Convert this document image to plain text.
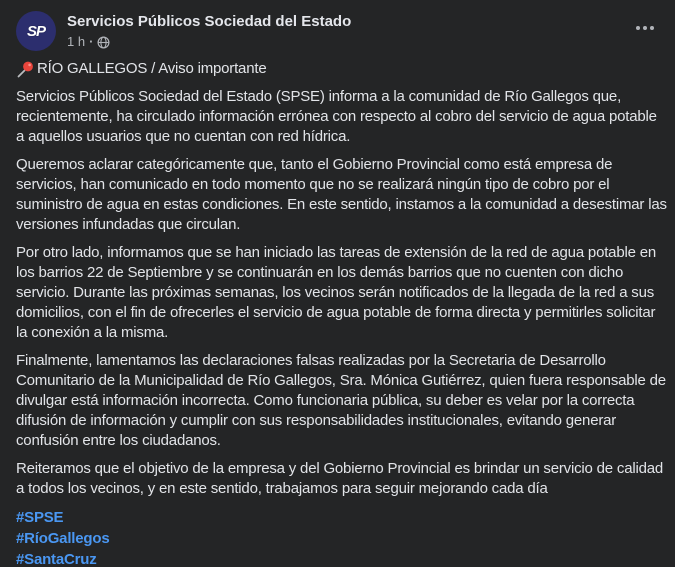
SP
Servicios Públicos Sociedad del Estado
1 h ·

RÍO GALLEGOS / Aviso importante

Servicios Públicos Sociedad del Estado (SPSE) informa a la comunidad de Río Gallegos que, recientemente, ha circulado información errónea con respecto al cobro del servicio de agua potable a aquellos usuarios que no cuentan con red hídrica.

Queremos aclarar categóricamente que, tanto el Gobierno Provincial como está empresa de servicios, han comunicado en todo momento que no se realizará ningún tipo de cobro por el suministro de agua en estas condiciones. En este sentido, instamos a la comunidad a desestimar las versiones infundadas que circulan.

Por otro lado, informamos que se han iniciado las tareas de extensión de la red de agua potable en los barrios 22 de Septiembre y se continuarán en los demás barrios que no cuenten con dicho servicio. Durante las próximas semanas, los vecinos serán notificados de la llegada de la red a sus domicilios, con el fin de ofrecerles el servicio de agua potable de forma directa y permitirles solicitar la conexión a la misma.

Finalmente, lamentamos las declaraciones falsas realizadas por la Secretaria de Desarrollo Comunitario de la Municipalidad de Río Gallegos, Sra. Mónica Gutiérrez, quien fuera responsable de divulgar está información incorrecta. Como funcionaria pública, su deber es velar por la correcta difusión de información y cumplir con sus responsabilidades institucionales, evitando generar confusión entre los ciudadanos.

Reiteramos que el objetivo de la empresa y del Gobierno Provincial es brindar un servicio de calidad a todos los vecinos, y en este sentido, trabajamos para seguir mejorando cada día

#SPSE
#RíoGallegos
#SantaCruz
